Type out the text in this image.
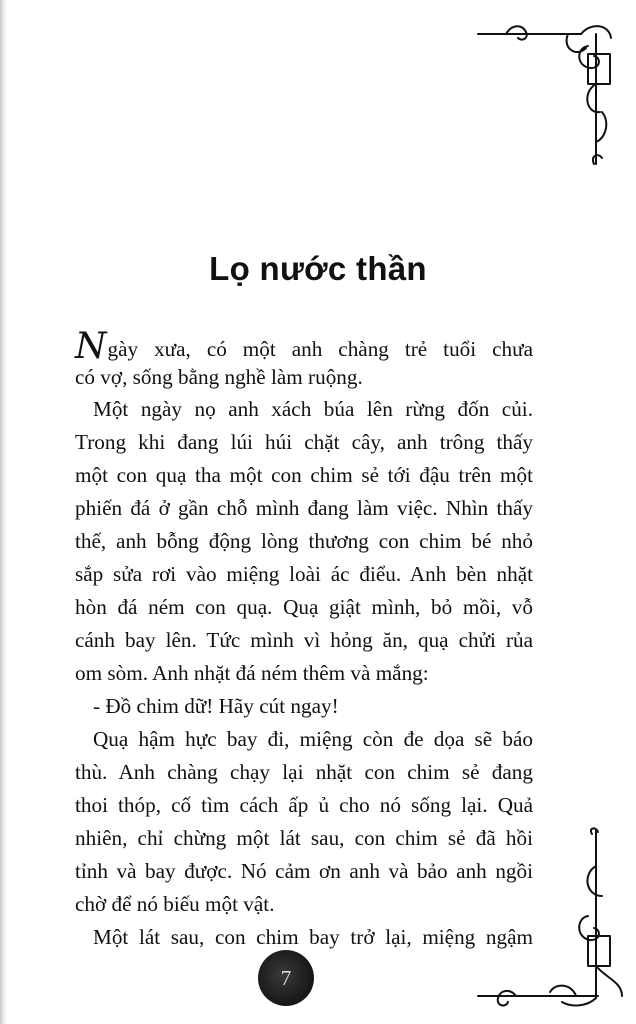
Lọ nước thần
Ngày xưa, có một anh chàng trẻ tuổi chưa
có vợ, sống bằng nghề làm ruộng.
Một ngày nọ anh xách búa lên rừng đốn củi.
Trong khi đang lúi húi chặt cây, anh trông thấy
một con quạ tha một con chim sẻ tới đậu trên một
phiến đá ở gần chỗ mình đang làm việc. Nhìn thấy
thế, anh bỗng động lòng thương con chim bé nhỏ
sắp sửa rơi vào miệng loài ác điểu. Anh bèn nhặt
hòn đá ném con quạ. Quạ giật mình, bỏ mồi, vỗ
cánh bay lên. Tức mình vì hỏng ăn, quạ chửi rủa
om sòm. Anh nhặt đá ném thêm và mắng:
- Đồ chim dữ! Hãy cút ngay!
Quạ hậm hực bay đi, miệng còn đe dọa sẽ báo
thù. Anh chàng chạy lại nhặt con chim sẻ đang
thoi thóp, cố tìm cách ấp ủ cho nó sống lại. Quả
nhiên, chỉ chừng một lát sau, con chim sẻ đã hồi
tỉnh và bay được. Nó cảm ơn anh và bảo anh ngồi
chờ để nó biếu một vật.
Một lát sau, con chim bay trở lại, miệng ngậm
7
